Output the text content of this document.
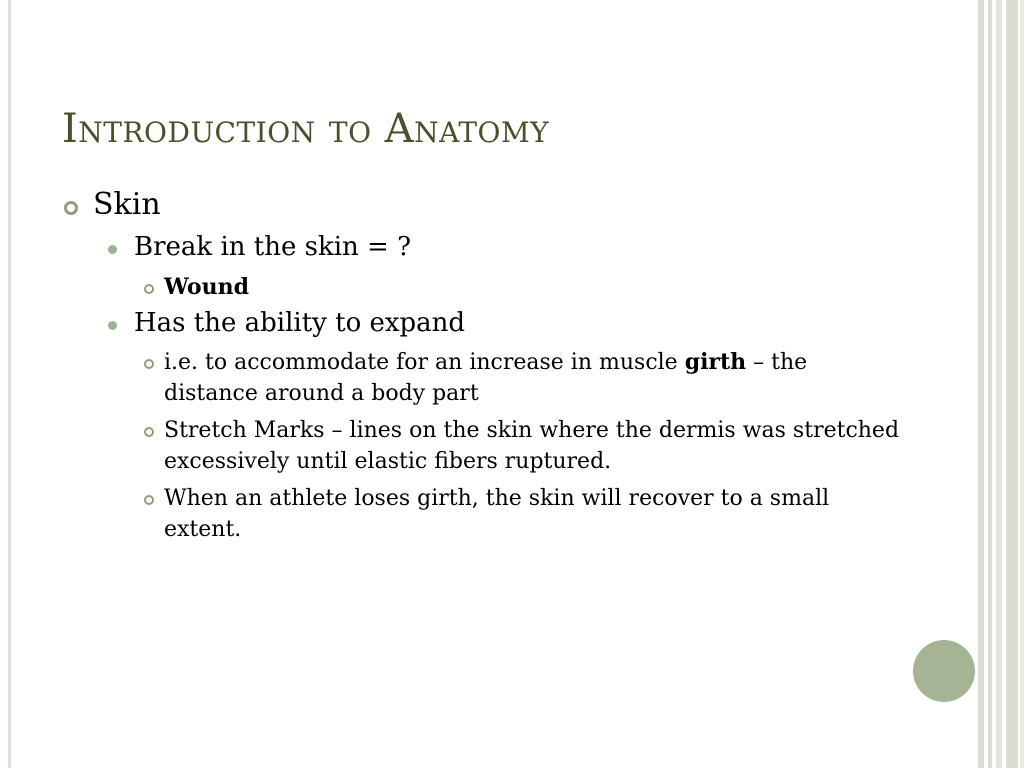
Introduction to Anatomy
Skin
Break in the skin = ?
Wound
Has the ability to expand
i.e. to accommodate for an increase in muscle girth – the distance around a body part
Stretch Marks – lines on the skin where the dermis was stretched excessively until elastic fibers ruptured.
When an athlete loses girth, the skin will recover to a small extent.
